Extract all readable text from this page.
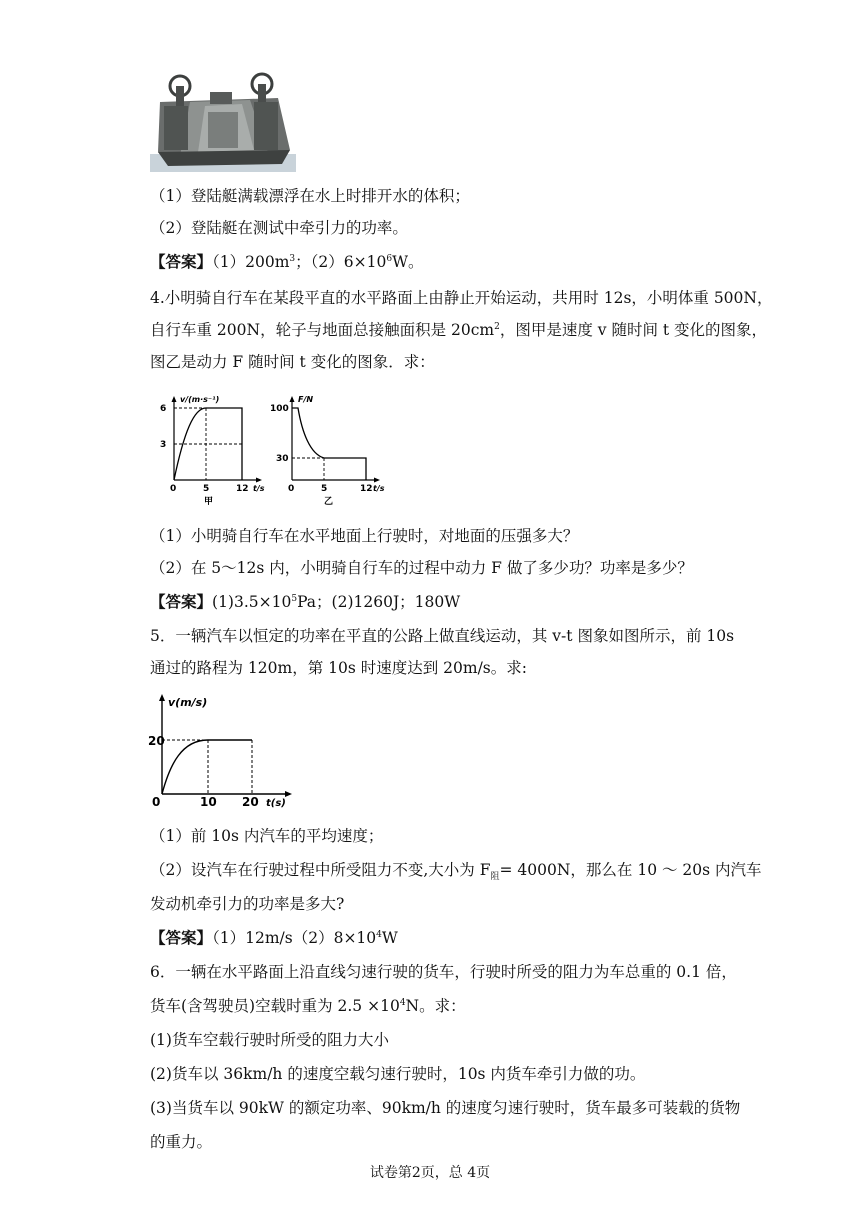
（1）登陆艇满载漂浮在水上时排开水的体积；
（2）登陆艇在测试中牵引力的功率。
【答案】$(1)200m^3$；$(2)6\times 10^6W$。
4.小明骑自行车在某段平直的水平路面上由静止开始运动，共用时 12s，小明体重 500N，
自行车重 200N，轮子与地面总接触面积是 $20cm^2$，图甲是速度 v 随时间 t 变化的图象，
图乙是动力 F 随时间 t 变化的图象．求：
v/(m·s⁻¹)
6
3
0	5	12 t/s
甲
F/N
100
30
0	5	12 t/s
乙
（1）小明骑自行车在水平地面上行驶时，对地面的压强多大？
（2）在 5～12s 内，小明骑自行车的过程中动力 F 做了多少功？功率是多少？
【答案】$(1)3.5\times 10^5Pa$；(2)1260J；180W
5．一辆汽车以恒定的功率在平直的公路上做直线运动，其 v-t 图象如图所示，前 10s
通过的路程为 120m，第 10s 时速度达到 20m/s。求:
v(m/s)
20
0	10 20 t(s)
（1）前 10s 内汽车的平均速度；
（2）设汽车在行驶过程中所受阻力不变,大小为 $F_阻= 4000N$，那么在 10 ～ 20s 内汽车
发动机牵引力的功率是多大?
【答案】$(1)12m/s(2)8\times 10^4W$
6．一辆在水平路面上沿直线匀速行驶的货车，行驶时所受的阻力为车总重的 0.1 倍，
货车(含驾驶员)空载时重为 $2.5 \times 10^4N$。求：
(1)货车空载行驶时所受的阻力大小
(2)货车以 36km/h 的速度空载匀速行驶时，10s 内货车牵引力做的功。
(3)当货车以 90kW 的额定功率、90km/h 的速度匀速行驶时，货车最多可装载的货物
的重力。
试卷第2页，总 4页
